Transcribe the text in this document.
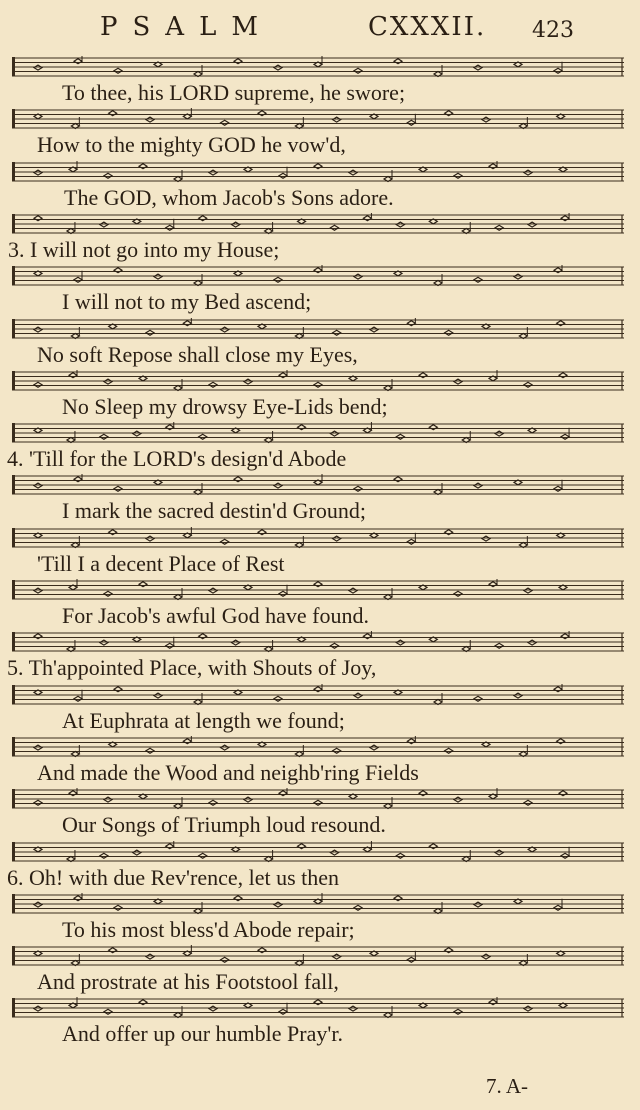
PSALM	CXXXII. 423
To thee, his LORD supreme, he swore;
How to the mighty GOD he vow'd,
The GOD, whom Jacob's Sons adore.
3. I will not go into my House;
I will not to my Bed ascend;
No soft Repose shall close my Eyes,
No Sleep my drowsy Eye-Lids bend;
4. 'Till for the LORD's design'd Abode
I mark the sacred destin'd Ground;
'Till I a decent Place of Rest
For Jacob's awful God have found.
5. Th'appointed Place, with Shouts of Joy,
At Euphrata at length we found;
And made the Wood and neighb'ring Fields
Our Songs of Triumph loud resound.
6. Oh! with due Rev'rence, let us then
To his most bless'd Abode repair;
And prostrate at his Footstool fall,
And offer up our humble Pray'r.
7. A-
